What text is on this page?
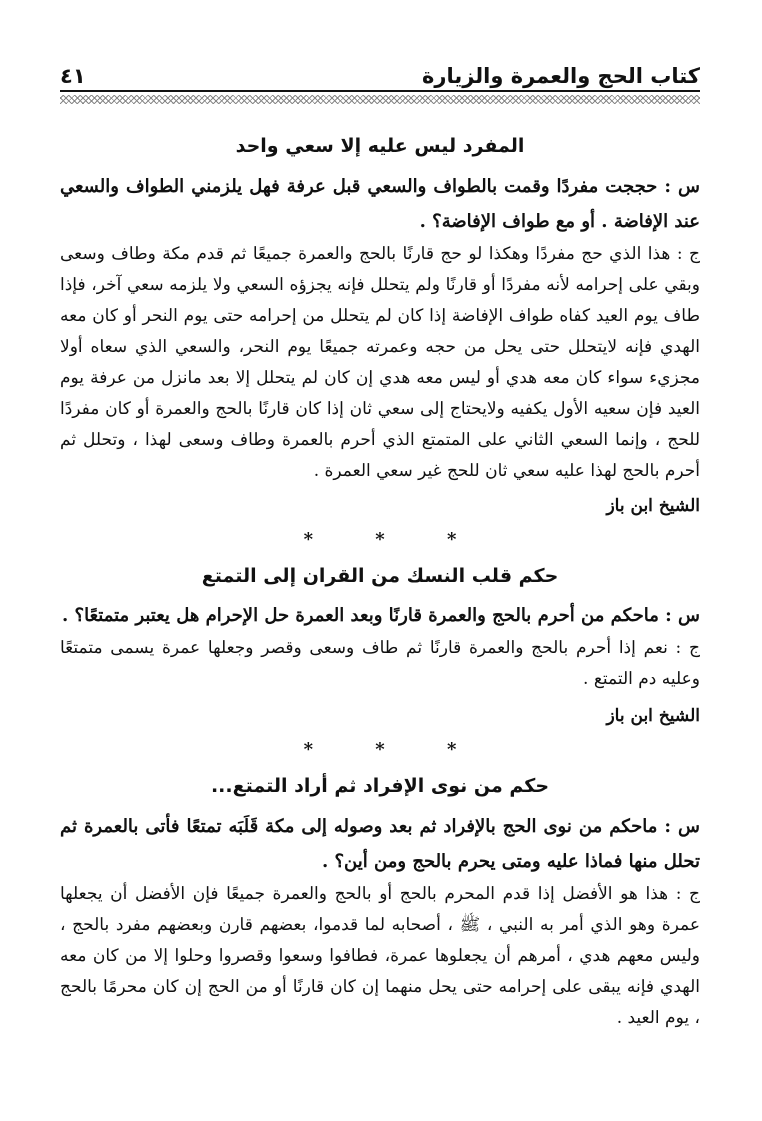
كتاب الحج والعمرة والزيارة
٤١
المفرد ليس عليه إلا سعي واحد

س : حججت مفردًا وقمت بالطواف والسعي قبل عرفة فهل يلزمني الطواف والسعي عند الإفاضة . أو مع طواف الإفاضة؟ .

ج : هذا الذي حج مفردًا وهكذا لو حج قارنًا بالحج والعمرة جميعًا ثم قدم مكة وطاف وسعى وبقي على إحرامه لأنه مفردًا أو قارنًا ولم يتحلل فإنه يجزؤه السعي ولا يلزمه سعي آخر، فإذا طاف يوم العيد كفاه طواف الإفاضة إذا كان لم يتحلل من إحرامه حتى يوم النحر أو كان معه الهدي فإنه لايتحلل حتى يحل من حجه وعمرته جميعًا يوم النحر، والسعي الذي سعاه أولا مجزيء سواء كان معه هدي أو ليس معه هدي إن كان لم يتحلل إلا بعد مانزل من عرفة يوم العيد فإن سعيه الأول يكفيه ولايحتاج إلى سعي ثان إذا كان قارنًا بالحج والعمرة أو كان مفردًا للحج ، وإنما السعي الثاني على المتمتع الذي أحرم بالعمرة وطاف وسعى لهذا ، وتحلل ثم أحرم بالحج لهذا عليه سعي ثان للحج غير سعي العمرة .

الشيخ ابن باز

* * *

حكم قلب النسك من القران إلى التمتع

س : ماحكم من أحرم بالحج والعمرة قارنًا وبعد العمرة حل الإحرام هل يعتبر متمتعًا؟ .

ج : نعم إذا أحرم بالحج والعمرة قارنًا ثم طاف وسعى وقصر وجعلها عمرة يسمى متمتعًا وعليه دم التمتع .

الشيخ ابن باز

* * *

حكم من نوى الإفراد ثم أراد التمتع...

س : ماحكم من نوى الحج بالإفراد ثم بعد وصوله إلى مكة قَلَبَه تمتعًا فأتى بالعمرة ثم تحلل منها فماذا عليه ومتى يحرم بالحج ومن أين؟ .

ج : هذا هو الأفضل إذا قدم المحرم بالحج أو بالحج والعمرة جميعًا فإن الأفضل أن يجعلها عمرة وهو الذي أمر به النبي ، ﷺ ، أصحابه لما قدموا، بعضهم قارن وبعضهم مفرد بالحج ، وليس معهم هدي ، أمرهم أن يجعلوها عمرة، فطافوا وسعوا وقصروا وحلوا إلا من كان معه الهدي فإنه يبقى على إحرامه حتى يحل منهما إن كان قارنًا أو من الحج إن كان محرمًا بالحج ، يوم العيد .
